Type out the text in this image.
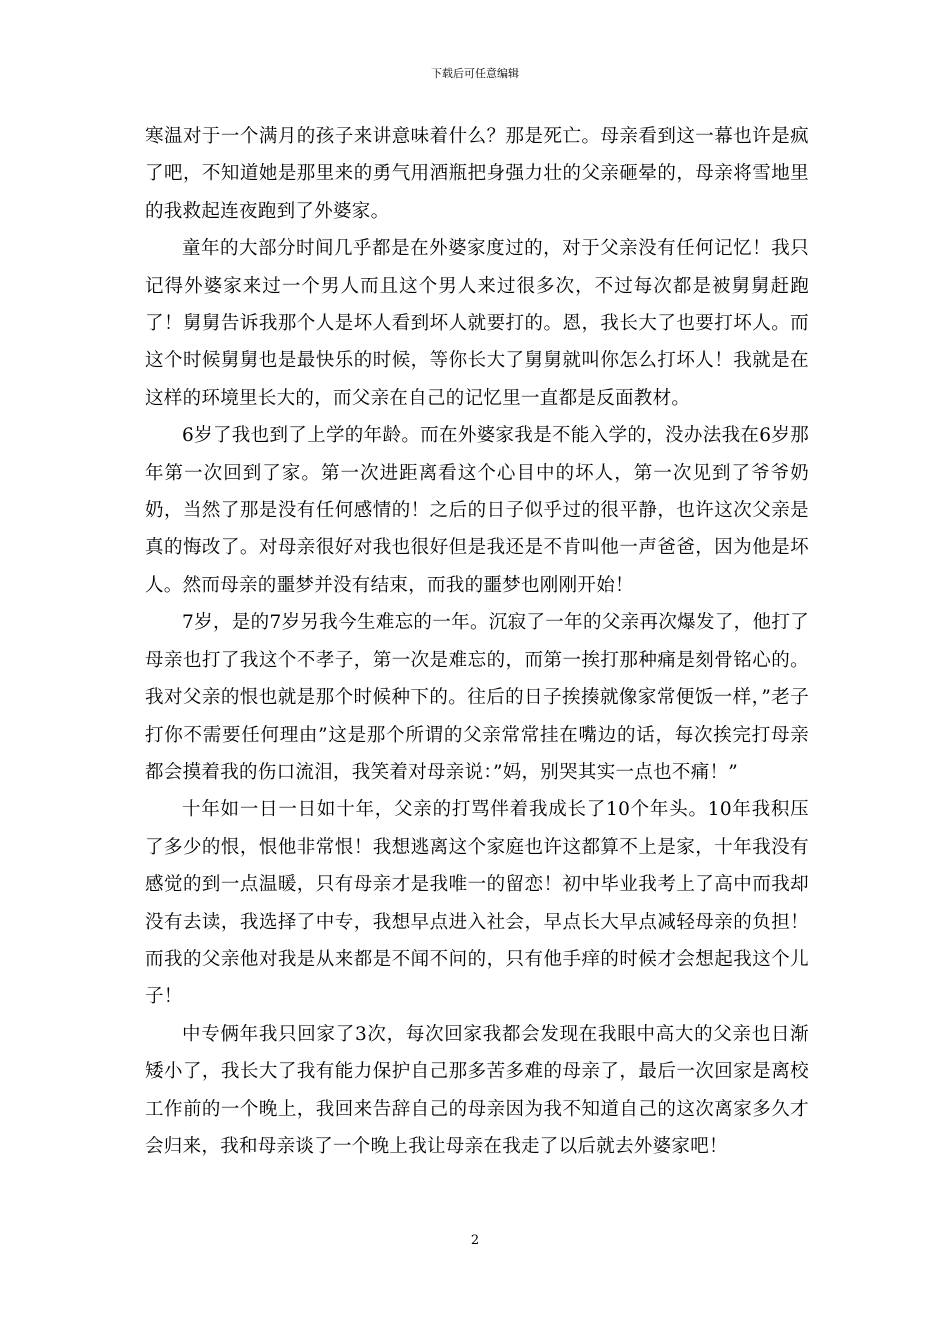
下载后可任意编辑

寒温对于一个满月的孩子来讲意味着什么？那是死亡。母亲看到这一幕也许是疯了吧，不知道她是那里来的勇气用酒瓶把身强力壮的父亲砸晕的，母亲将雪地里的我救起连夜跑到了外婆家。

童年的大部分时间几乎都是在外婆家度过的，对于父亲没有任何记忆！我只记得外婆家来过一个男人而且这个男人来过很多次，不过每次都是被舅舅赶跑了！舅舅告诉我那个人是坏人看到坏人就要打的。恩，我长大了也要打坏人。而这个时候舅舅也是最快乐的时候，等你长大了舅舅就叫你怎么打坏人！我就是在这样的环境里长大的，而父亲在自己的记忆里一直都是反面教材。

6岁了我也到了上学的年龄。而在外婆家我是不能入学的，没办法我在6岁那年第一次回到了家。第一次进距离看这个心目中的坏人，第一次见到了爷爷奶奶，当然了那是没有任何感情的！之后的日子似乎过的很平静，也许这次父亲是真的悔改了。对母亲很好对我也很好但是我还是不肯叫他一声爸爸，因为他是坏人。然而母亲的噩梦并没有结束，而我的噩梦也刚刚开始！

7岁，是的7岁另我今生难忘的一年。沉寂了一年的父亲再次爆发了，他打了母亲也打了我这个不孝子，第一次是难忘的，而第一挨打那种痛是刻骨铭心的。我对父亲的恨也就是那个时候种下的。往后的日子挨揍就像家常便饭一样，”老子打你不需要任何理由”这是那个所谓的父亲常常挂在嘴边的话，每次挨完打母亲都会摸着我的伤口流泪，我笑着对母亲说：”妈，别哭其实一点也不痛！”

十年如一日一日如十年，父亲的打骂伴着我成长了10个年头。10年我积压了多少的恨，恨他非常恨！我想逃离这个家庭也许这都算不上是家，十年我没有感觉的到一点温暖，只有母亲才是我唯一的留恋！初中毕业我考上了高中而我却没有去读，我选择了中专，我想早点进入社会，早点长大早点减轻母亲的负担！而我的父亲他对我是从来都是不闻不问的，只有他手痒的时候才会想起我这个儿子！

中专俩年我只回家了3次，每次回家我都会发现在我眼中高大的父亲也日渐矮小了，我长大了我有能力保护自己那多苦多难的母亲了，最后一次回家是离校工作前的一个晚上，我回来告辞自己的母亲因为我不知道自己的这次离家多久才会归来，我和母亲谈了一个晚上我让母亲在我走了以后就去外婆家吧！

2
